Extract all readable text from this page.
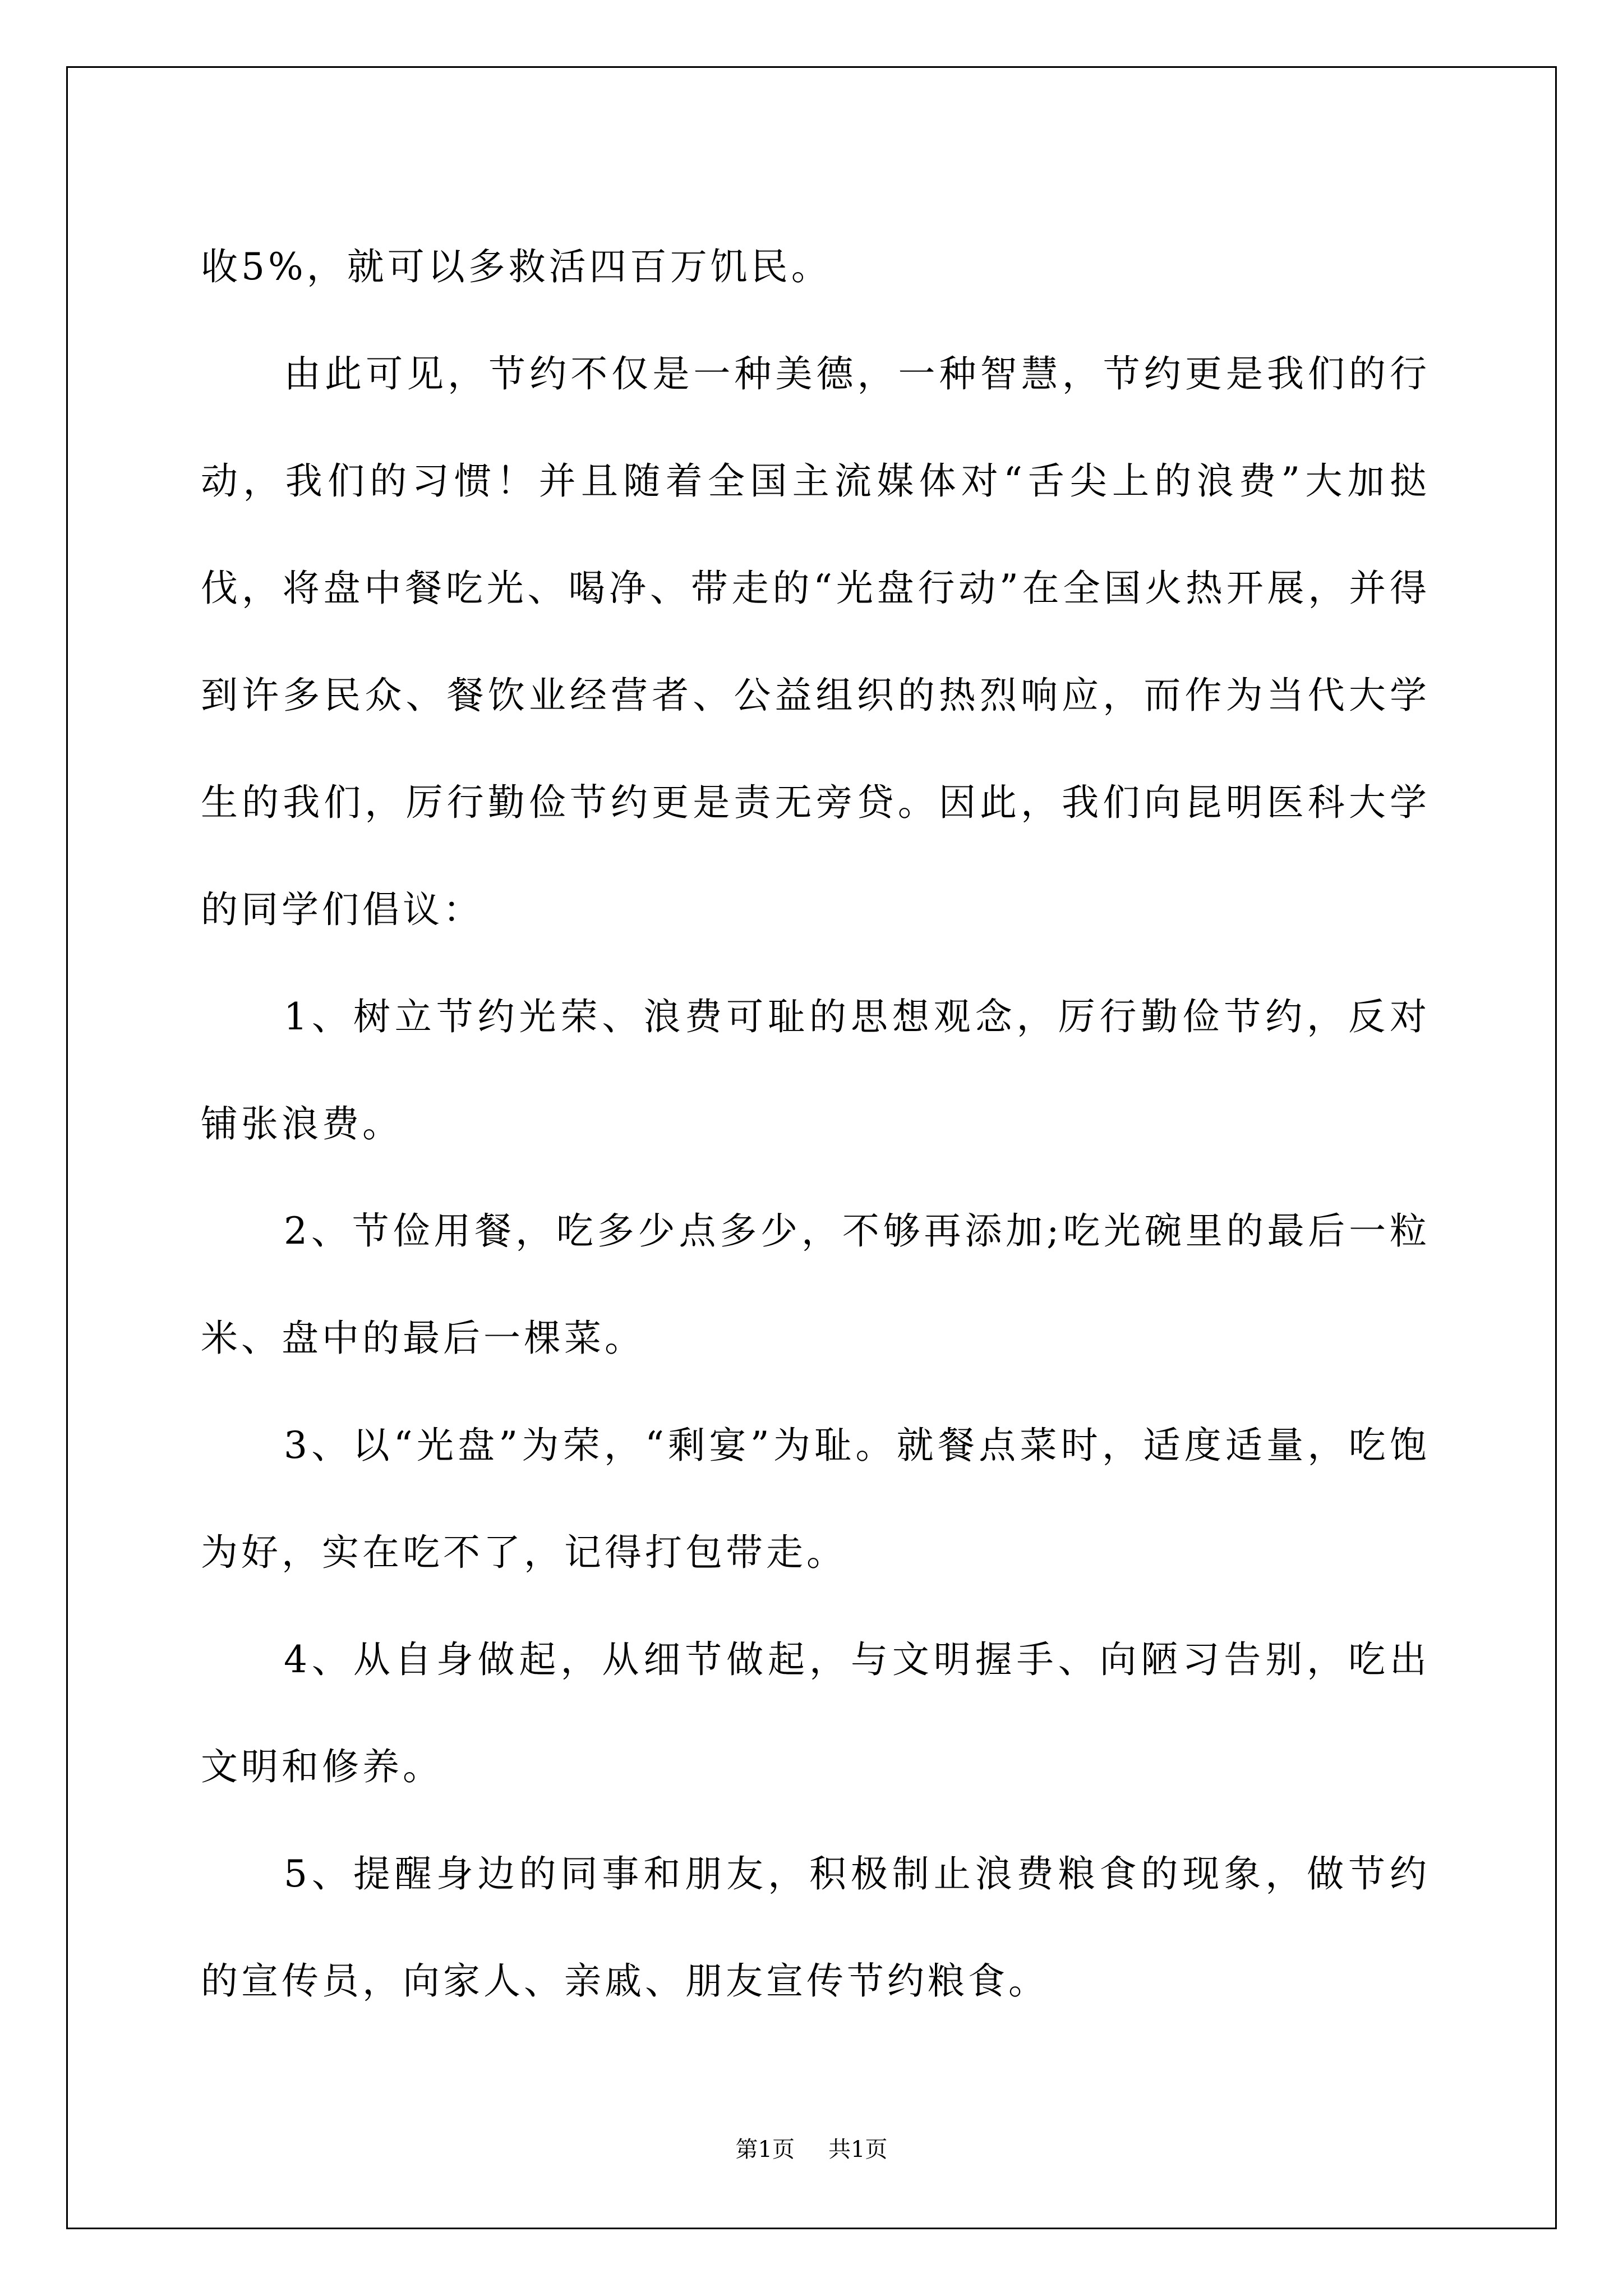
收5%，就可以多救活四百万饥民。

由此可见，节约不仅是一种美德，一种智慧，节约更是我们的行动，我们的习惯！并且随着全国主流媒体对“舌尖上的浪费”大加挞伐，将盘中餐吃光、喝净、带走的“光盘行动”在全国火热开展，并得到许多民众、餐饮业经营者、公益组织的热烈响应，而作为当代大学生的我们，厉行勤俭节约更是责无旁贷。因此，我们向昆明医科大学的同学们倡议：

1、树立节约光荣、浪费可耻的思想观念，厉行勤俭节约，反对铺张浪费。

2、节俭用餐，吃多少点多少，不够再添加;吃光碗里的最后一粒米、盘中的最后一棵菜。

3、以“光盘”为荣，“剩宴”为耻。就餐点菜时，适度适量，吃饱为好，实在吃不了，记得打包带走。

4、从自身做起，从细节做起，与文明握手、向陋习告别，吃出文明和修养。

5、提醒身边的同事和朋友，积极制止浪费粮食的现象，做节约的宣传员，向家人、亲戚、朋友宣传节约粮食。

第1页 共1页
